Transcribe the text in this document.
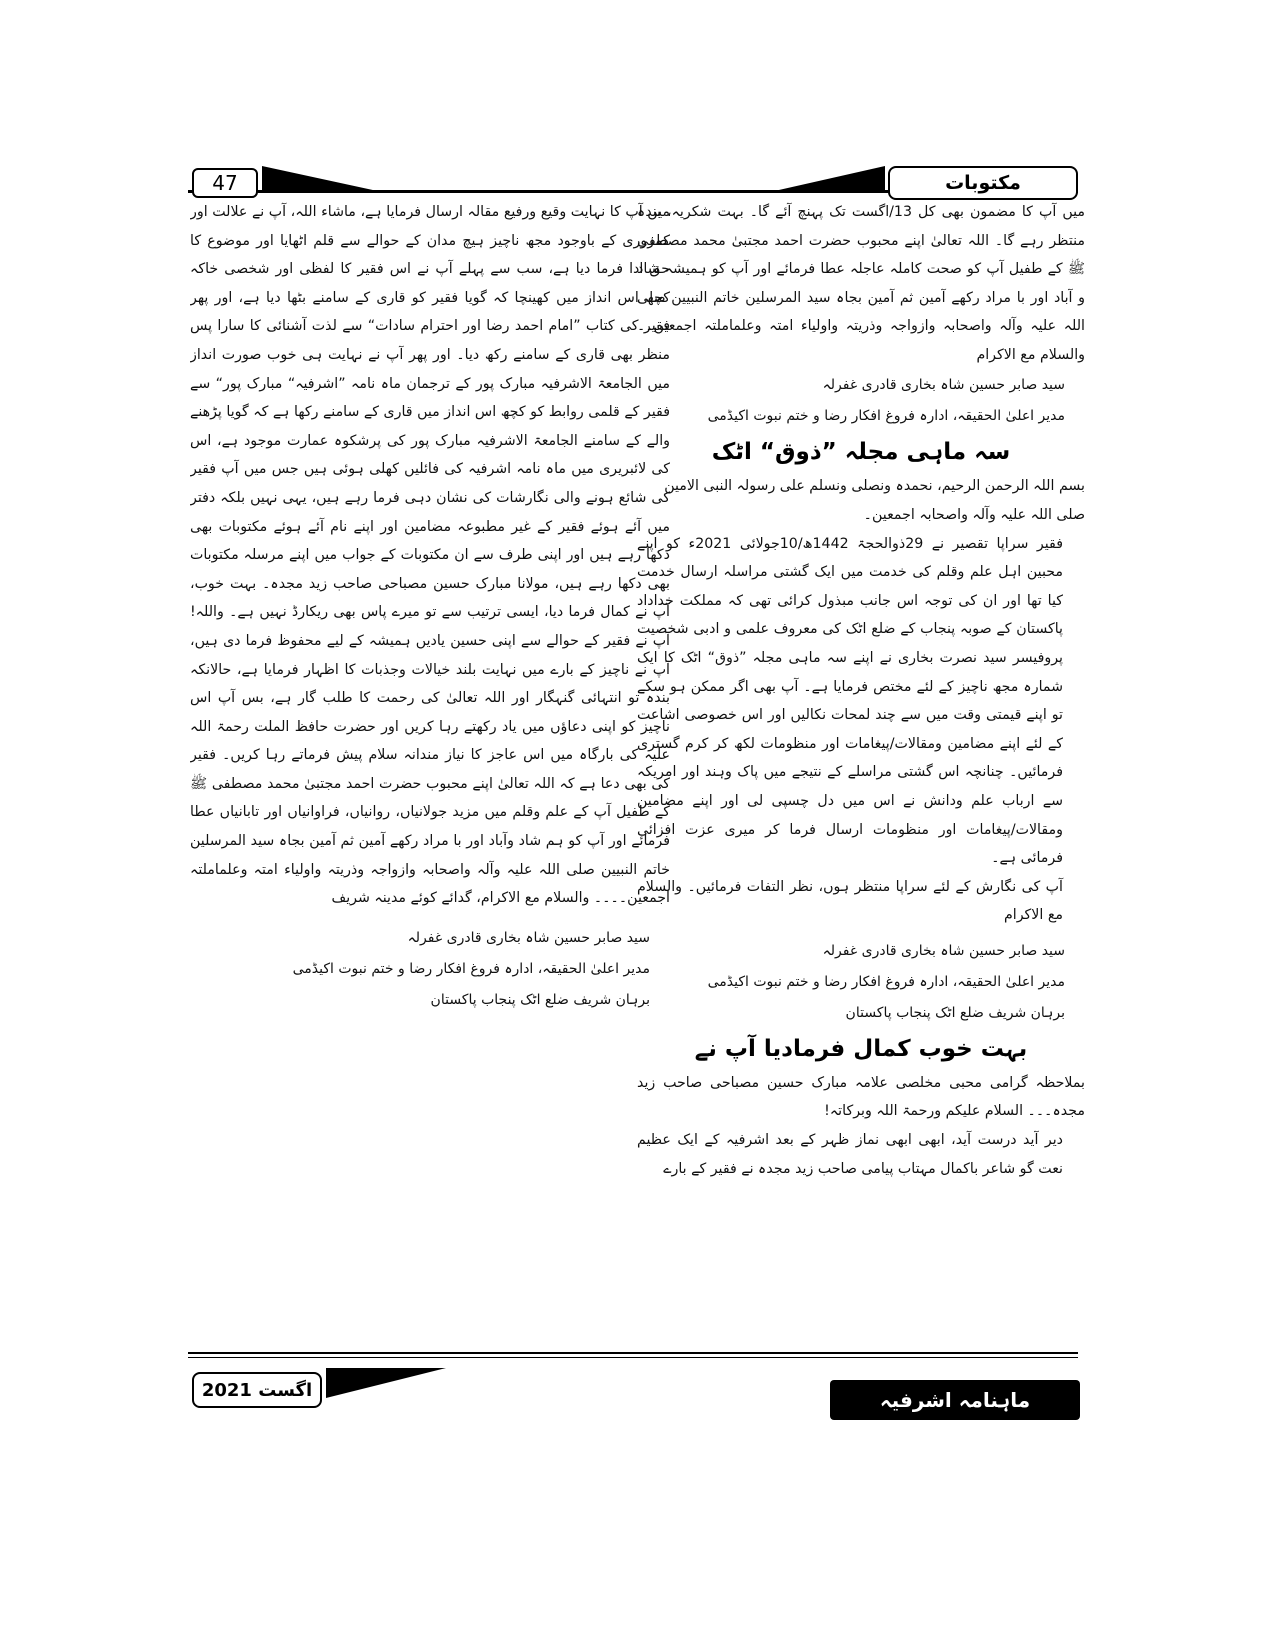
47	مکتوبات

میں آپ کا مضمون بھی کل 13/اگست تک پہنچ آئے گا۔ بہت شکریہ، بندہ منتظر رہے گا۔ اللہ تعالیٰ اپنے محبوب حضرت احمد مجتبیٰ محمد مصطفی ﷺ کے طفیل آپ کو صحت کاملہ عاجلہ عطا فرمائے اور آپ کو ہمیشہ شاد و آباد اور با مراد رکھے آمین ثم آمین بجاہ سید المرسلین خاتم النبیین صلی اللہ علیہ وآلہ واصحابہ وازواجہ وذریتہ واولیاء امتہ وعلماملتہ اجمعین۔۔ والسلام مع الاکرام

سید صابر حسین شاہ بخاری قادری غفرلہ
مدیر اعلیٰ الحقیقہ، ادارہ فروغ افکار رضا و ختم نبوت اکیڈمی
سہ ماہی مجلہ ”ذوق“ اٹک

بسم اللہ الرحمن الرحیم، نحمدہ ونصلی ونسلم علی رسولہ النبی الامین صلی اللہ علیہ وآلہ واصحابہ اجمعین۔

فقیر سراپا تقصیر نے 29ذوالحجۃ 1442ھ/10جولائی 2021ء کو اپنے محبین اہل علم وقلم کی خدمت میں ایک گشتی مراسلہ ارسال خدمت کیا تھا اور ان کی توجہ اس جانب مبذول کرائی تھی کہ مملکت خداداد پاکستان کے صوبہ پنجاب کے ضلع اٹک کی معروف علمی و ادبی شخصیت پروفیسر سید نصرت بخاری نے اپنے سہ ماہی مجلہ ”ذوق“ اٹک کا ایک شمارہ مجھ ناچیز کے لئے مختص فرمایا ہے۔ آپ بھی اگر ممکن ہو سکے تو اپنے قیمتی وقت میں سے چند لمحات نکالیں اور اس خصوصی اشاعت کے لئے اپنے مضامین ومقالات/پیغامات اور منظومات لکھ کر کرم گستری فرمائیں۔ چنانچہ اس گشتی مراسلے کے نتیجے میں پاک وہند اور امریکہ سے ارباب علم ودانش نے اس میں دل چسپی لی اور اپنے مضامین ومقالات/پیغامات اور منظومات ارسال فرما کر میری عزت افزائی فرمائی ہے۔

آپ کی نگارش کے لئے سراپا منتظر ہوں، نظر التفات فرمائیں۔ والسلام مع الاکرام

سید صابر حسین شاہ بخاری قادری غفرلہ
مدیر اعلیٰ الحقیقہ، ادارہ فروغ افکار رضا و ختم نبوت اکیڈمی
برہان شریف ضلع اٹک پنجاب پاکستان
بہت خوب کمال فرمادیا آپ نے

بملاحظہ گرامی محبی مخلصی علامہ مبارک حسین مصباحی صاحب زید مجدہ۔۔۔ السلام علیکم ورحمۃ اللہ وبرکاتہ!

دیر آید درست آید، ابھی ابھی نماز ظہر کے بعد اشرفیہ کے ایک عظیم نعت گو شاعر باکمال مہتاب پیامی صاحب زید مجدہ نے فقیر کے بارے

میں آپ کا نہایت وقیع ورفیع مقالہ ارسال فرمایا ہے، ماشاء اللہ، آپ نے علالت اور کمزوری کے باوجود مجھ ناچیز ہیچ مدان کے حوالے سے قلم اٹھایا اور موضوع کا حق ادا فرما دیا ہے، سب سے پہلے آپ نے اس فقیر کا لفظی اور شخصی خاکہ کچھ اس انداز میں کھینچا کہ گویا فقیر کو قاری کے سامنے بٹھا دیا ہے، اور پھر فقیر کی کتاب ”امام احمد رضا اور احترام سادات“ سے لذت آشنائی کا سارا پس منظر بھی قاری کے سامنے رکھ دیا۔ اور پھر آپ نے نہایت ہی خوب صورت انداز میں الجامعۃ الاشرفیہ مبارک پور کے ترجمان ماہ نامہ ”اشرفیہ“ مبارک پور“ سے فقیر کے قلمی روابط کو کچھ اس انداز میں قاری کے سامنے رکھا ہے کہ گویا پڑھنے والے کے سامنے الجامعۃ الاشرفیہ مبارک پور کی پرشکوہ عمارت موجود ہے، اس کی لائبریری میں ماہ نامہ اشرفیہ کی فائلیں کھلی ہوئی ہیں جس میں آپ فقیر کی شائع ہونے والی نگارشات کی نشان دہی فرما رہے ہیں، یہی نہیں بلکہ دفتر میں آئے ہوئے فقیر کے غیر مطبوعہ مضامین اور اپنے نام آئے ہوئے مکتوبات بھی دکھا رہے ہیں اور اپنی طرف سے ان مکتوبات کے جواب میں اپنے مرسلہ مکتوبات بھی دکھا رہے ہیں، مولانا مبارک حسین مصباحی صاحب زید مجدہ۔ بہت خوب، آپ نے کمال فرما دیا، ایسی ترتیب سے تو میرے پاس بھی ریکارڈ نہیں ہے۔ واللہ! آپ نے فقیر کے حوالے سے اپنی حسین یادیں ہمیشہ کے لیے محفوظ فرما دی ہیں، آپ نے ناچیز کے بارے میں نہایت بلند خیالات وجذبات کا اظہار فرمایا ہے، حالانکہ بندہ تو انتہائی گنہگار اور اللہ تعالیٰ کی رحمت کا طلب گار ہے، بس آپ اس ناچیز کو اپنی دعاؤں میں یاد رکھتے رہا کریں اور حضرت حافظ الملت رحمۃ اللہ علیہ کی بارگاہ میں اس عاجز کا نیاز مندانہ سلام پیش فرماتے رہا کریں۔ فقیر کی بھی دعا ہے کہ اللہ تعالیٰ اپنے محبوب حضرت احمد مجتبیٰ محمد مصطفی ﷺ کے طفیل آپ کے علم وقلم میں مزید جولانیاں، روانیاں، فراوانیاں اور تابانیاں عطا فرمائے اور آپ کو ہم شاد وآباد اور با مراد رکھے آمین ثم آمین بجاہ سید المرسلین خاتم النبیین صلی اللہ علیہ وآلہ واصحابہ وازواجہ وذریتہ واولیاء امتہ وعلماملتہ اجمعین۔۔۔۔ والسلام مع الاکرام، گدائے کوئے مدینہ شریف

سید صابر حسین شاہ بخاری قادری غفرلہ
مدیر اعلیٰ الحقیقہ، ادارہ فروغ افکار رضا و ختم نبوت اکیڈمی
برہان شریف ضلع اٹک پنجاب پاکستان
اگست 2021	ماہنامہ اشرفیہ
